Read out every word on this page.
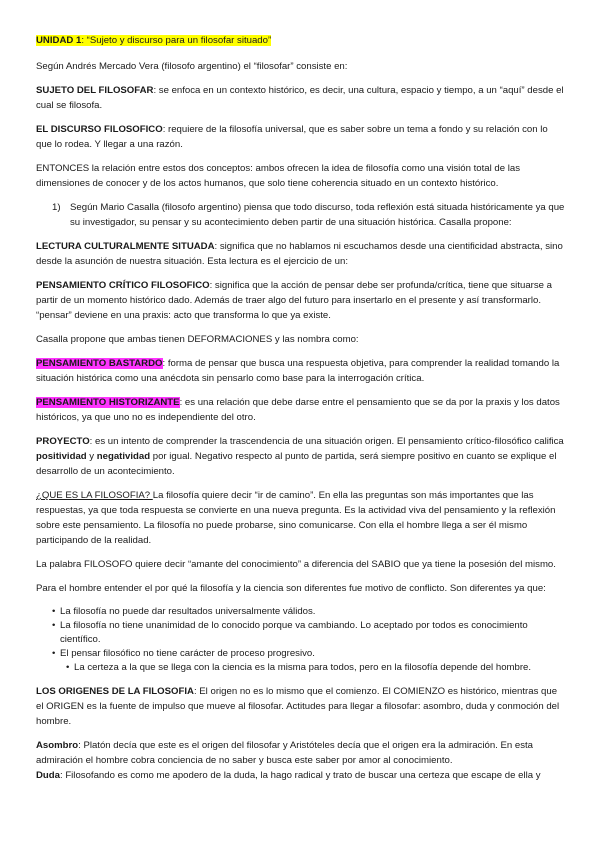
UNIDAD 1: “Sujeto y discurso para un filosofar situado”

Según Andrés Mercado Vera (filosofo argentino) el “filosofar” consiste en:

SUJETO DEL FILOSOFAR: se enfoca en un contexto histórico, es decir, una cultura, espacio y tiempo, a un “aquí” desde el cual se filosofa.

EL DISCURSO FILOSOFICO: requiere de la filosofía universal, que es saber sobre un tema a fondo y su relación con lo que lo rodea. Y llegar a una razón.

ENTONCES la relación entre estos dos conceptos: ambos ofrecen la idea de filosofía como una visión total de las dimensiones de conocer y de los actos humanos, que solo tiene coherencia situado en un contexto histórico.

1) Según Mario Casalla (filosofo argentino) piensa que todo discurso, toda reflexión está situada históricamente ya que su investigador, su pensar y su acontecimiento deben partir de una situación histórica. Casalla propone:

LECTURA CULTURALMENTE SITUADA: significa que no hablamos ni escuchamos desde una cientificidad abstracta, sino desde la asunción de nuestra situación. Esta lectura es el ejercicio de un:

PENSAMIENTO CRÍTICO FILOSOFICO: significa que la acción de pensar debe ser profunda/crítica, tiene que situarse a partir de un momento histórico dado. Además de traer algo del futuro para insertarlo en el presente y así transformarlo. “pensar” deviene en una praxis: acto que transforma lo que ya existe.

Casalla propone que ambas tienen DEFORMACIONES y las nombra como:

PENSAMIENTO BASTARDO: forma de pensar que busca una respuesta objetiva, para comprender la realidad tomando la situación histórica como una anécdota sin pensarlo como base para la interrogación crítica.

PENSAMIENTO HISTORIZANTE: es una relación que debe darse entre el pensamiento que se da por la praxis y los datos históricos, ya que uno no es independiente del otro.

PROYECTO: es un intento de comprender la trascendencia de una situación origen. El pensamiento crítico-filosófico califica positividad y negatividad por igual. Negativo respecto al punto de partida, será siempre positivo en cuanto se explique el desarrollo de un acontecimiento.

¿QUE ES LA FILOSOFIA? La filosofía quiere decir “ir de camino”. En ella las preguntas son más importantes que las respuestas, ya que toda respuesta se convierte en una nueva pregunta. Es la actividad viva del pensamiento y la reflexión sobre este pensamiento. La filosofía no puede probarse, sino comunicarse. Con ella el hombre llega a ser él mismo participando de la realidad.

La palabra FILOSOFO quiere decir “amante del conocimiento” a diferencia del SABIO que ya tiene la posesión del mismo.

Para el hombre entender el por qué la filosofía y la ciencia son diferentes fue motivo de conflicto. Son diferentes ya que:

• La filosofía no puede dar resultados universalmente válidos.
• La filosofía no tiene unanimidad de lo conocido porque va cambiando. Lo aceptado por todos es conocimiento científico.
• El pensar filosófico no tiene carácter de proceso progresivo.
• La certeza a la que se llega con la ciencia es la misma para todos, pero en la filosofía depende del hombre.

LOS ORIGENES DE LA FILOSOFIA: El origen no es lo mismo que el comienzo. El COMIENZO es histórico, mientras que el ORIGEN es la fuente de impulso que mueve al filosofar. Actitudes para llegar a filosofar: asombro, duda y conmoción del hombre.

Asombro: Platón decía que este es el origen del filosofar y Aristóteles decía que el origen era la admiración. En esta admiración el hombre cobra conciencia de no saber y busca este saber por amor al conocimiento.

Duda: Filosofando es como me apodero de la duda, la hago radical y trato de buscar una certeza que escape de ella y
